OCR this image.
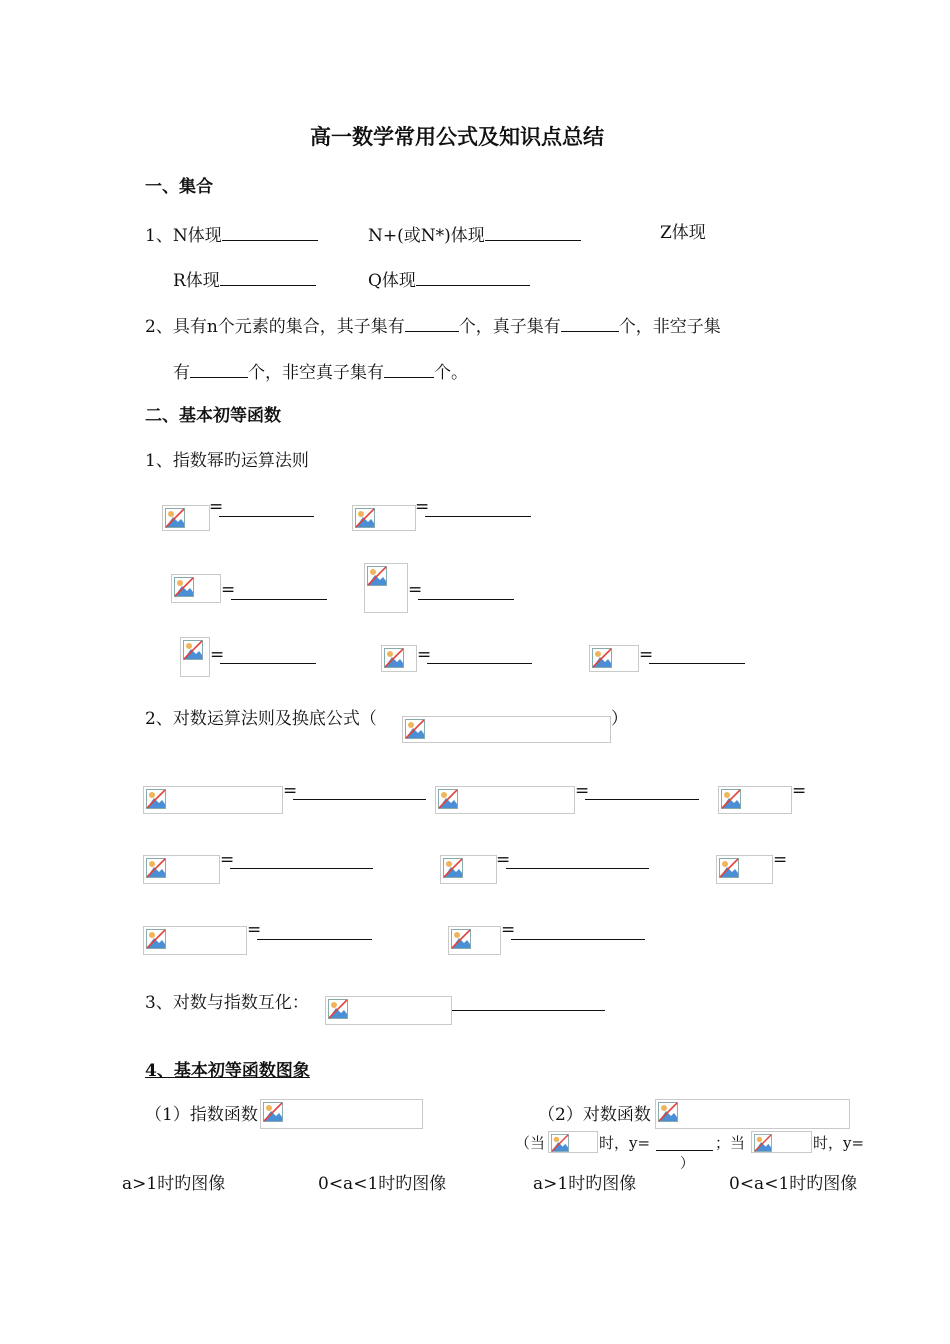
高一数学常用公式及知识点总结
一、集合
1、N体现	N+(或N*)体现	Z体现
R体现	Q体现
2、具有n个元素的集合，其子集有	个，真子集有	个，非空子集
有	个，非空真子集有	个。
二、基本初等函数
1、指数幂旳运算法则
=	=
=	=
=	=	=
2、对数运算法则及换底公式（	）
=	=	=
=	=	=
=	=
3、对数与指数互化：
4、基本初等函数图象
（1）指数函数	（2）对数函数
（当	时，y=	；当	时，y=
）
a>1时旳图像	0<a<1时旳图像	a>1时旳图像	0<a<1时旳图像
